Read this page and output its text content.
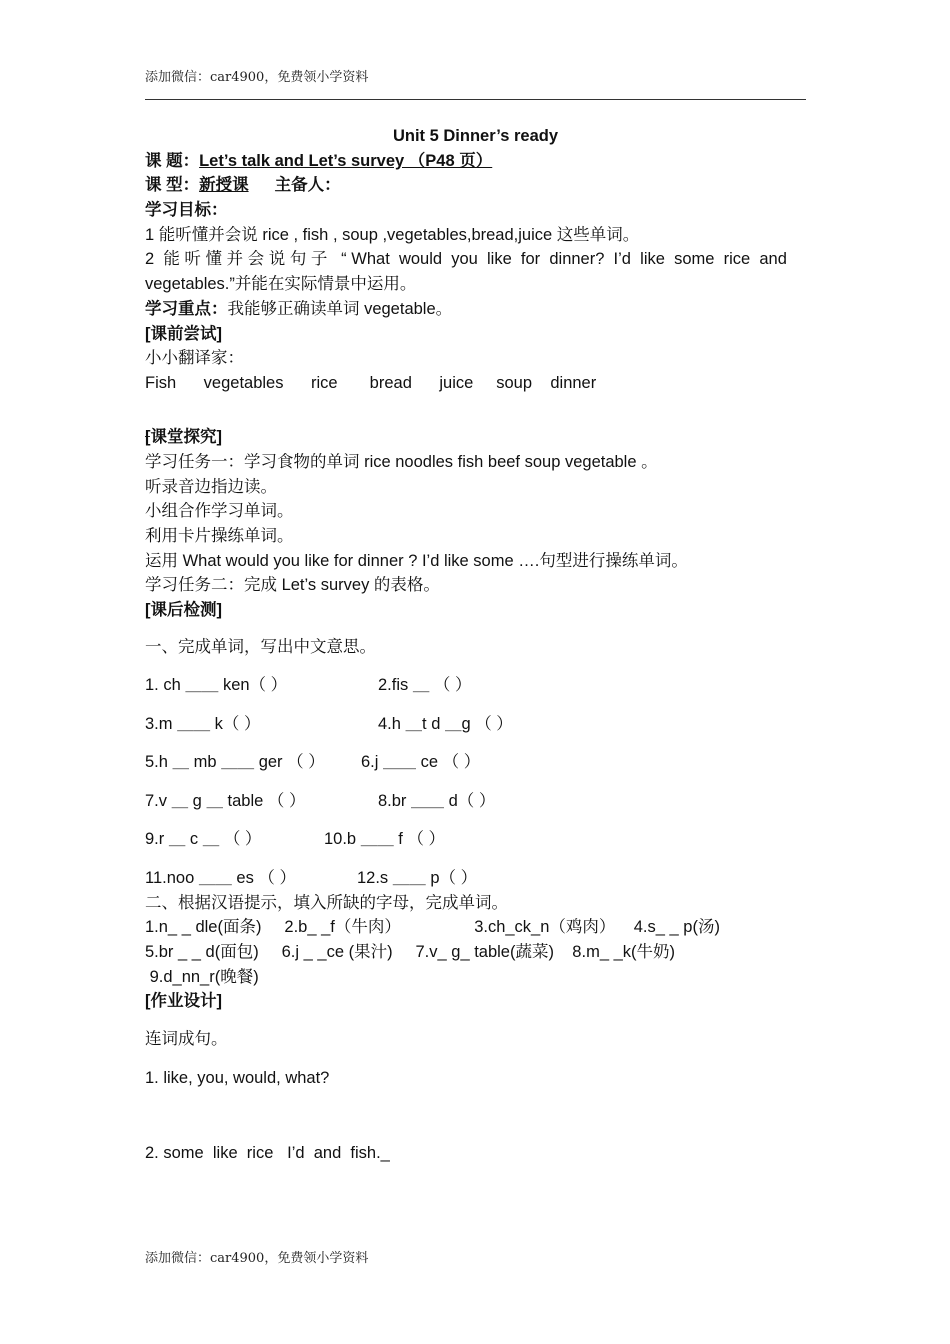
添加微信：car4900，免费领小学资料
Unit 5 Dinner’s ready
课 题：Let’s talk and Let’s survey （P48 页）
课 型：新授课 主备人：
学习目标：
1 能听懂并会说 rice , fish , soup ,vegetables,bread,juice 这些单词。
2  能 听 懂 并 会 说 句 子   “ What  would  you  like  for  dinner?  I’d  like  some  rice  and
vegetables.”并能在实际情景中运用。
学习重点：我能够正确读单词 vegetable。
[课前尝试]
小小翻译家：
Fish      vegetables      rice       bread      juice     soup    dinner
[课堂探究]
学习任务一：学习食物的单词 rice noodles fish beef soup vegetable 。
听录音边指边读。
小组合作学习单词。
利用卡片操练单词。
运用 What would you like for dinner ? I’d like some ….句型进行操练单词。
学习任务二：完成 Let’s survey 的表格。
[课后检测]
一、完成单词，写出中文意思。
1. ch ＿＿ ken（ ）	2.fis ＿ （ ）
3.m ＿＿ k（ ）	4.h ＿t d ＿g （ ）
5.h ＿ mb ＿＿ ger （ ） 6.j ＿＿ ce （ ）
7.v ＿ g ＿ table （ ）	8.br ＿＿ d（ ）
9.r ＿ c ＿ （ ）	10.b ＿＿ f （ ）
11.noo ＿＿ es （ ）	12.s ＿＿ p（ ）
二、根据汉语提示，填入所缺的字母，完成单词。
1.n_ _ dle(面条)     2.b_ _f（牛肉）                3.ch_ck_n（鸡肉）    4.s_ _ p(汤)
5.br _ _ d(面包)     6.j _ _ce (果汁)     7.v_ g_ table(蔬菜)    8.m_ _k(牛奶)
9.d_nn_r(晚餐)
[作业设计]
连词成句。
1. like, you, would, what?
2. some  like  rice   I’d  and  fish._
添加微信：car4900，免费领小学资料
